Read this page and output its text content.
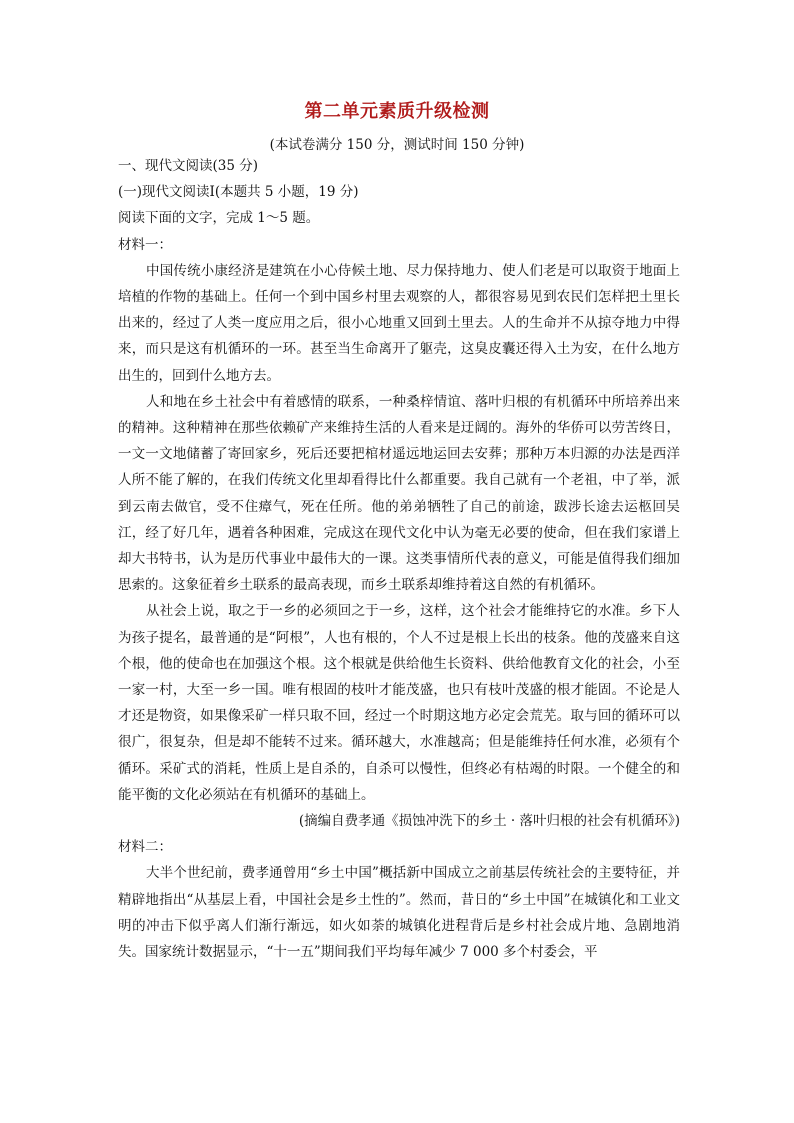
第二单元素质升级检测
(本试卷满分 150 分，测试时间 150 分钟)
一、现代文阅读(35 分)
(一)现代文阅读Ⅰ(本题共 5 小题，19 分)
阅读下面的文字，完成 1～5 题。
材料一：

中国传统小康经济是建筑在小心侍候土地、尽力保持地力、使人们老是可以取资于地面上培植的作物的基础上。任何一个到中国乡村里去观察的人，都很容易见到农民们怎样把土里长出来的，经过了人类一度应用之后，很小心地重又回到土里去。人的生命并不从掠夺地力中得来，而只是这有机循环的一环。甚至当生命离开了躯壳，这臭皮囊还得入土为安，在什么地方出生的，回到什么地方去。

人和地在乡土社会中有着感情的联系，一种桑梓情谊、落叶归根的有机循环中所培养出来的精神。这种精神在那些依赖矿产来维持生活的人看来是迂阔的。海外的华侨可以劳苦终日，一文一文地储蓄了寄回家乡，死后还要把棺材遥远地运回去安葬；那种万本归源的办法是西洋人所不能了解的，在我们传统文化里却看得比什么都重要。我自己就有一个老祖，中了举，派到云南去做官，受不住瘴气，死在任所。他的弟弟牺牲了自己的前途，跋涉长途去运柩回吴江，经了好几年，遇着各种困难，完成这在现代文化中认为毫无必要的使命，但在我们家谱上却大书特书，认为是历代事业中最伟大的一课。这类事情所代表的意义，可能是值得我们细加思索的。这象征着乡土联系的最高表现，而乡土联系却维持着这自然的有机循环。

从社会上说，取之于一乡的必须回之于一乡，这样，这个社会才能维持它的水准。乡下人为孩子提名，最普通的是“阿根”，人也有根的，个人不过是根上长出的枝条。他的茂盛来自这个根，他的使命也在加强这个根。这个根就是供给他生长资料、供给他教育文化的社会，小至一家一村，大至一乡一国。唯有根固的枝叶才能茂盛，也只有枝叶茂盛的根才能固。不论是人才还是物资，如果像采矿一样只取不回，经过一个时期这地方必定会荒芜。取与回的循环可以很广，很复杂，但是却不能转不过来。循环越大，水准越高；但是能维持任何水准，必须有个循环。采矿式的消耗，性质上是自杀的，自杀可以慢性，但终必有枯竭的时限。一个健全的和能平衡的文化必须站在有机循环的基础上。

(摘编自费孝通《损蚀冲洗下的乡土 · 落叶归根的社会有机循环》)
材料二：

大半个世纪前，费孝通曾用“乡土中国”概括新中国成立之前基层传统社会的主要特征，并精辟地指出“从基层上看，中国社会是乡土性的”。然而，昔日的“乡土中国”在城镇化和工业文明的冲击下似乎离人们渐行渐远，如火如荼的城镇化进程背后是乡村社会成片地、急剧地消失。国家统计数据显示，“十一五”期间我们平均每年减少 7 000 多个村委会，平
